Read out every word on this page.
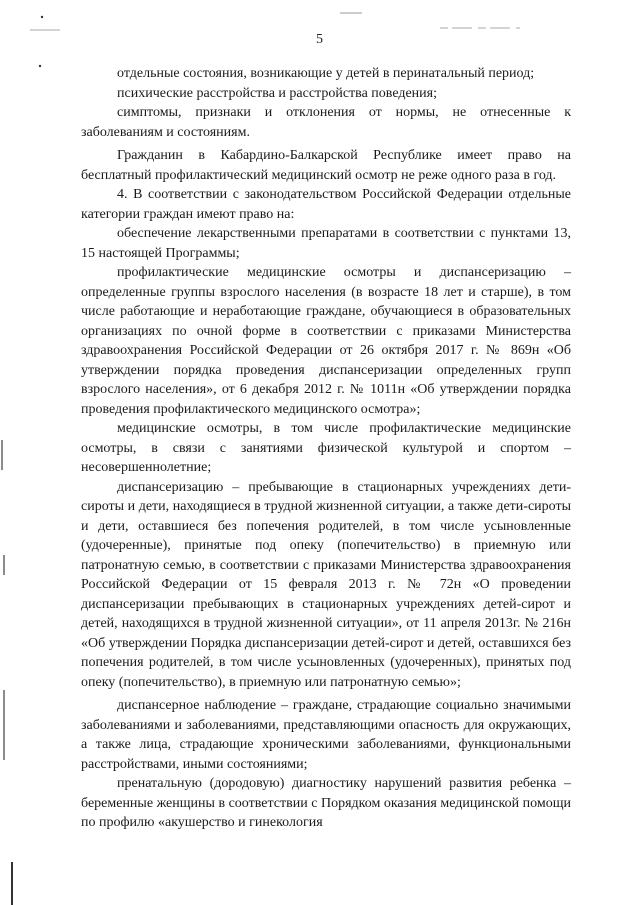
5

отдельные состояния, возникающие у детей в перинатальный период;

психические расстройства и расстройства поведения;

симптомы, признаки и отклонения от нормы, не отнесенные к заболеваниям и состояниям.

Гражданин в Кабардино-Балкарской Республике имеет право на бесплатный профилактический медицинский осмотр не реже одного раза в год.

4. В соответствии с законодательством Российской Федерации отдельные категории граждан имеют право на:

обеспечение лекарственными препаратами в соответствии с пунктами 13, 15 настоящей Программы;

профилактические медицинские осмотры и диспансеризацию – определенные группы взрослого населения (в возрасте 18 лет и старше), в том числе работающие и неработающие граждане, обучающиеся в образовательных организациях по очной форме в соответствии с приказами Министерства здравоохранения Российской Федерации от 26 октября 2017 г. № 869н «Об утверждении порядка проведения диспансеризации определенных групп взрослого населения», от 6 декабря 2012 г. № 1011н «Об утверждении порядка проведения профилактического медицинского осмотра»;

медицинские осмотры, в том числе профилактические медицинские осмотры, в связи с занятиями физической культурой и спортом – несовершеннолетние;

диспансеризацию – пребывающие в стационарных учреждениях дети-сироты и дети, находящиеся в трудной жизненной ситуации, а также дети-сироты и дети, оставшиеся без попечения родителей, в том числе усыновленные (удочеренные), принятые под опеку (попечительство) в приемную или патронатную семью, в соответствии с приказами Министерства здравоохранения Российской Федерации от 15 февраля 2013 г. № 72н «О проведении диспансеризации пребывающих в стационарных учреждениях детей-сирот и детей, находящихся в трудной жизненной ситуации», от 11 апреля 2013г. № 216н «Об утверждении Порядка диспансеризации детей-сирот и детей, оставшихся без попечения родителей, в том числе усыновленных (удочеренных), принятых под опеку (попечительство), в приемную или патронатную семью»;

диспансерное наблюдение – граждане, страдающие социально значимыми заболеваниями и заболеваниями, представляющими опасность для окружающих, а также лица, страдающие хроническими заболеваниями, функциональными расстройствами, иными состояниями;

пренатальную (дородовую) диагностику нарушений развития ребенка – беременные женщины в соответствии с Порядком оказания медицинской помощи по профилю «акушерство и гинекология
